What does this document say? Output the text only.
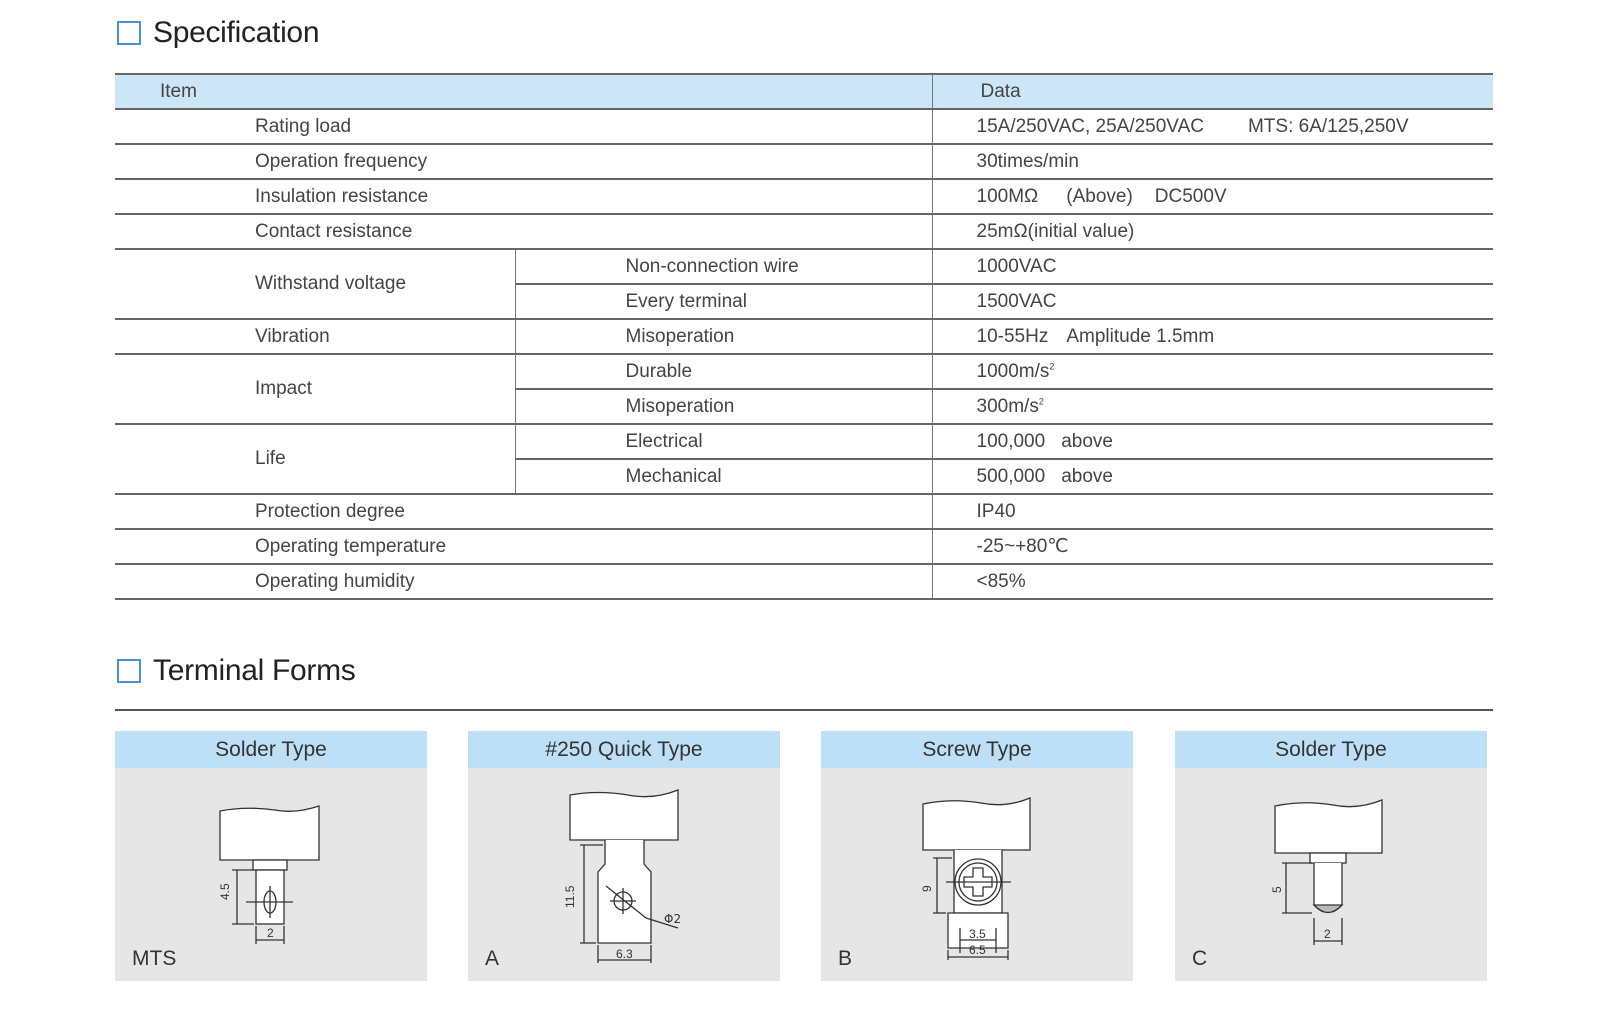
Specification
Item		Data
Rating load		15A/250VAC, 25A/250VAC MTS: 6A/125,250V
Operation frequency		30times/min
Insulation resistance		100MΩ (Above) DC500V
Contact resistance		25mΩ(initial value)
Withstand voltage	Non-connection wire	1000VAC
	Every terminal	1500VAC
Vibration	Misoperation	10-55Hz Amplitude 1.5mm
Impact	Durable	$1000m/s^2$
	Misoperation	$300m/s^2$
Life	Electrical	100,000 above
	Mechanical	500,000 above
Protection degree		IP40
Operating temperature		-25~+80℃
Operating humidity		<85%
Terminal Forms
Solder Type
4.5
2
MTS
#250 Quick Type
11.5
6.3
Φ2
A
Screw Type
9
3.5
6.5
B
Solder Type
5
2
C
